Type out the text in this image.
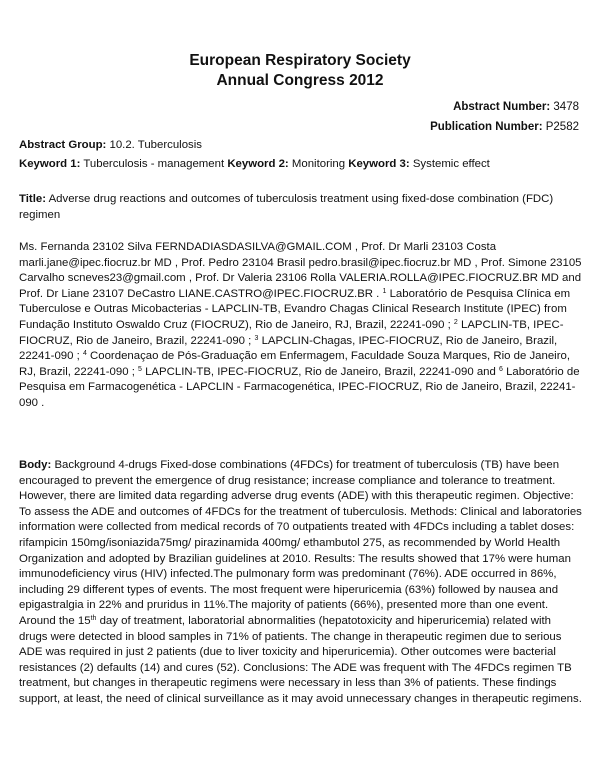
European Respiratory Society
Annual Congress 2012
Abstract Number: 3478
Publication Number: P2582
Abstract Group: 10.2. Tuberculosis
Keyword 1: Tuberculosis - management Keyword 2: Monitoring Keyword 3: Systemic effect
Title: Adverse drug reactions and outcomes of tuberculosis treatment using fixed-dose combination (FDC) regimen
Ms. Fernanda 23102 Silva FERNDADIASDASILVA@GMAIL.COM , Prof. Dr Marli 23103 Costa marli.jane@ipec.fiocruz.br MD , Prof. Pedro 23104 Brasil pedro.brasil@ipec.fiocruz.br MD , Prof. Simone 23105 Carvalho scneves23@gmail.com , Prof. Dr Valeria 23106 Rolla VALERIA.ROLLA@IPEC.FIOCRUZ.BR MD and Prof. Dr Liane 23107 DeCastro LIANE.CASTRO@IPEC.FIOCRUZ.BR . $^1$ Laboratório de Pesquisa Clínica em Tuberculose e Outras Micobacterias - LAPCLIN-TB, Evandro Chagas Clinical Research Institute (IPEC) from Fundação Instituto Oswaldo Cruz (FIOCRUZ), Rio de Janeiro, RJ, Brazil, 22241-090 ; $^2$ LAPCLIN-TB, IPEC-FIOCRUZ, Rio de Janeiro, Brazil, 22241-090 ; $^3$ LAPCLIN-Chagas, IPEC-FIOCRUZ, Rio de Janeiro, Brazil, 22241-090 ; $^4$ Coordenaçao de Pós-Graduação em Enfermagem, Faculdade Souza Marques, Rio de Janeiro, RJ, Brazil, 22241-090 ; $^5$ LAPCLIN-TB, IPEC-FIOCRUZ, Rio de Janeiro, Brazil, 22241-090 and $^6$ Laboratório de Pesquisa em Farmacogenética - LAPCLIN - Farmacogenética, IPEC-FIOCRUZ, Rio de Janeiro, Brazil, 22241-090 .
Body: Background 4-drugs Fixed-dose combinations (4FDCs) for treatment of tuberculosis (TB) have been encouraged to prevent the emergence of drug resistance; increase compliance and tolerance to treatment. However, there are limited data regarding adverse drug events (ADE) with this therapeutic regimen. Objective: To assess the ADE and outcomes of 4FDCs for the treatment of tuberculosis. Methods: Clinical and laboratories information were collected from medical records of 70 outpatients treated with 4FDCs including a tablet doses: rifampicin 150mg/isoniazida75mg/ pirazinamida 400mg/ ethambutol 275, as recommended by World Health Organization and adopted by Brazilian guidelines at 2010. Results: The results showed that 17% were human immunodeficiency virus (HIV) infected.The pulmonary form was predominant (76%). ADE occurred in 86%, including 29 different types of events. The most frequent were hiperuricemia (63%) followed by nausea and epigastralgia in 22% and pruridus in 11%.The majority of patients (66%), presented more than one event. Around the 15th day of treatment, laboratorial abnormalities (hepatotoxicity and hiperuricemia) related with drugs were detected in blood samples in 71% of patients. The change in therapeutic regimen due to serious ADE was required in just 2 patients (due to liver toxicity and hiperuricemia). Other outcomes were bacterial resistances (2) defaults (14) and cures (52). Conclusions: The ADE was frequent with The 4FDCs regimen TB treatment, but changes in therapeutic regimens were necessary in less than 3% of patients. These findings support, at least, the need of clinical surveillance as it may avoid unnecessary changes in therapeutic regimens.
